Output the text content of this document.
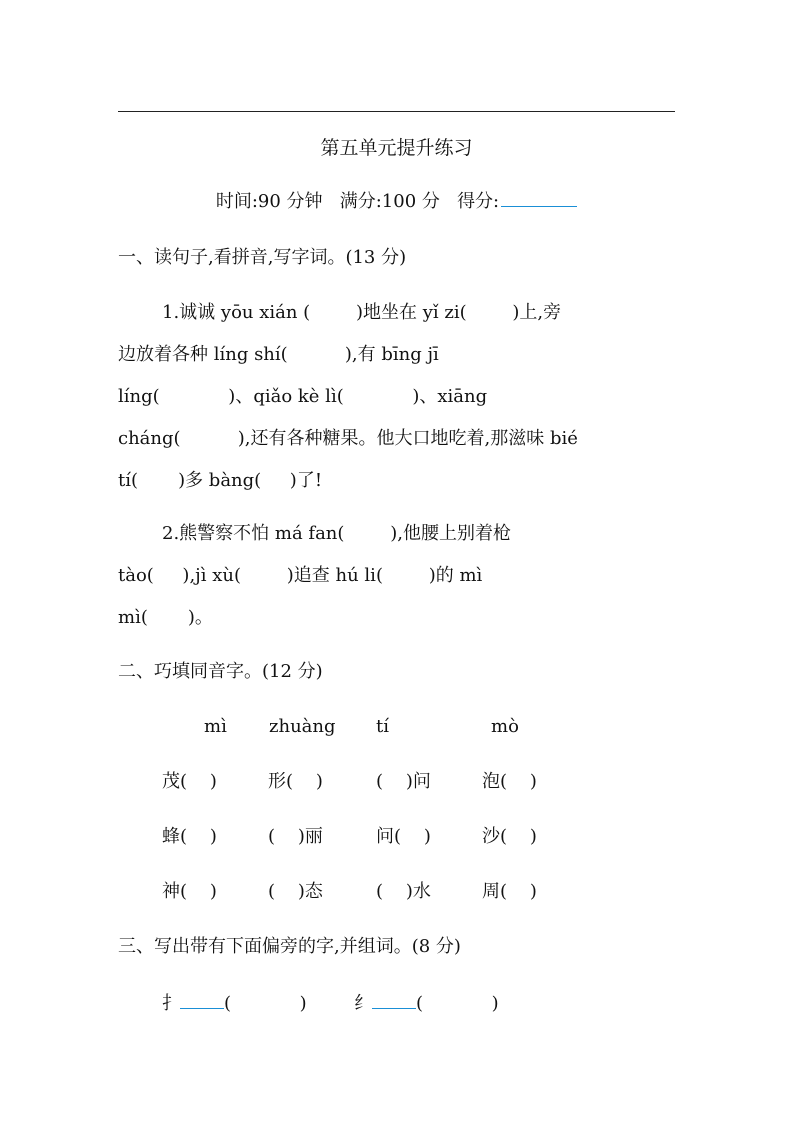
第五单元提升练习
时间:90 分钟 满分:100 分 得分:
一、读句子,看拼音,写字词。(13 分)
1.诚诚 yōu xián (        )地坐在 yǐ zi(        )上,旁
边放着各种 líng shí(          ),有 bīng jī
líng(            )、qiǎo kè lì(            )、xiāng
cháng(          ),还有各种糖果。他大口地吃着,那滋味 bié
tí(       )多 bàng(     )了!
2.熊警察不怕 má fan(        ),他腰上别着枪
tào(     ),jì xù(        )追查 hú li(        )的 mì
mì(       )。
二、巧填同音字。(12 分)
mì zhuàng tí	mò
茂(    )	形(    )	(    )问	泡(    )
蜂(    )	(    )丽	问(    )	沙(    )
神(    )	(    )态	(    )水	周(    )
三、写出带有下面偏旁的字,并组词。(8 分)
扌 (            )	纟 (            )
